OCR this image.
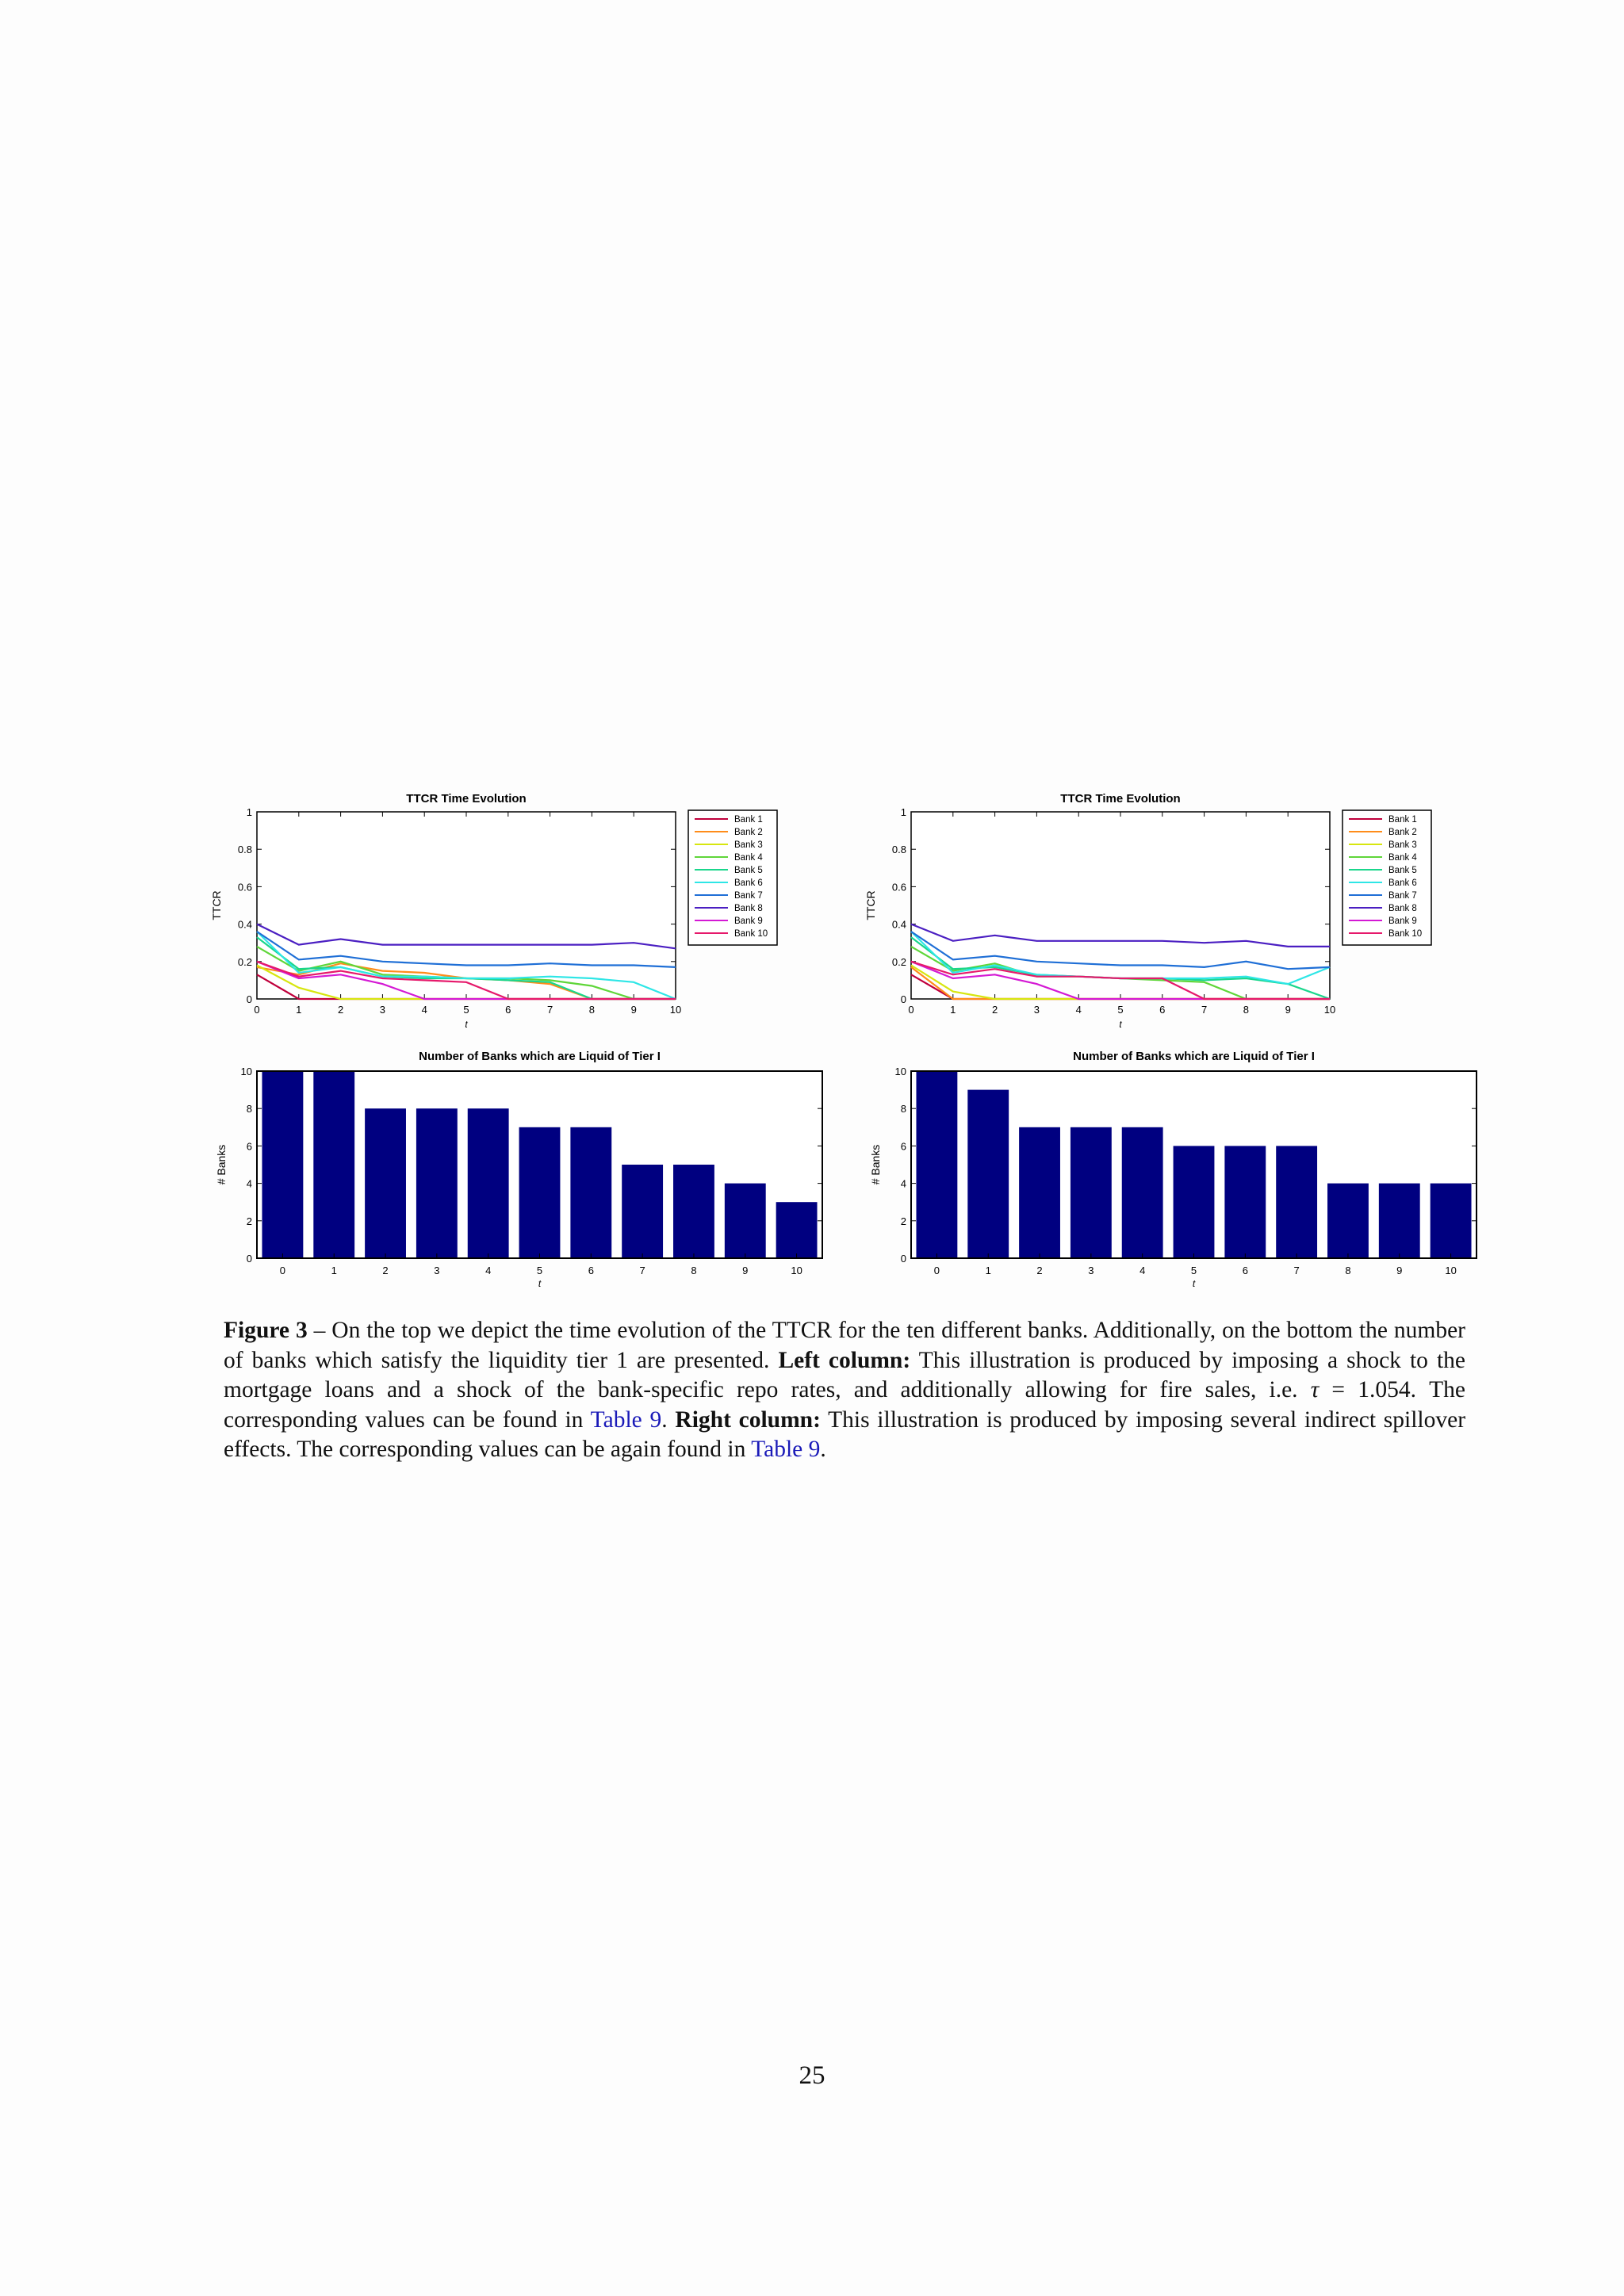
TTCR Time Evolution
0	1	2	3	4	5	6	7	8	9	10
0
0.2
0.4
0.6
0.8
1
t
TTCR
Bank 1
Bank 2
Bank 3
Bank 4
Bank 5
Bank 6
Bank 7
Bank 8
Bank 9
Bank 10
TTCR Time Evolution
0	1	2	3	4	5	6	7	8	9	10
0
0.2
0.4
0.6
0.8
1
t
TTCR
Bank 1
Bank 2
Bank 3
Bank 4
Bank 5
Bank 6
Bank 7
Bank 8
Bank 9
Bank 10
Number of Banks which are Liquid of Tier I
0	1	2	3	4	5	6	7	8	9	10
0
2
4
6
8
10
t
# Banks
Number of Banks which are Liquid of Tier I
0	1	2	3	4	5	6	7	8	9	10
0
2
4
6
8
10
t
# Banks
Figure 3 – On the top we depict the time evolution of the TTCR for the ten different banks. Additionally, on the bottom the number of banks which satisfy the liquidity tier 1 are presented. Left column: This illustration is produced by imposing a shock to the mortgage loans and a shock of the bank-specific repo rates, and additionally allowing for fire sales, i.e. τ = 1.054. The corresponding values can be found in Table 9. Right column: This illustration is produced by imposing several indirect spillover effects. The corresponding values can be again found in Table 9.
25
